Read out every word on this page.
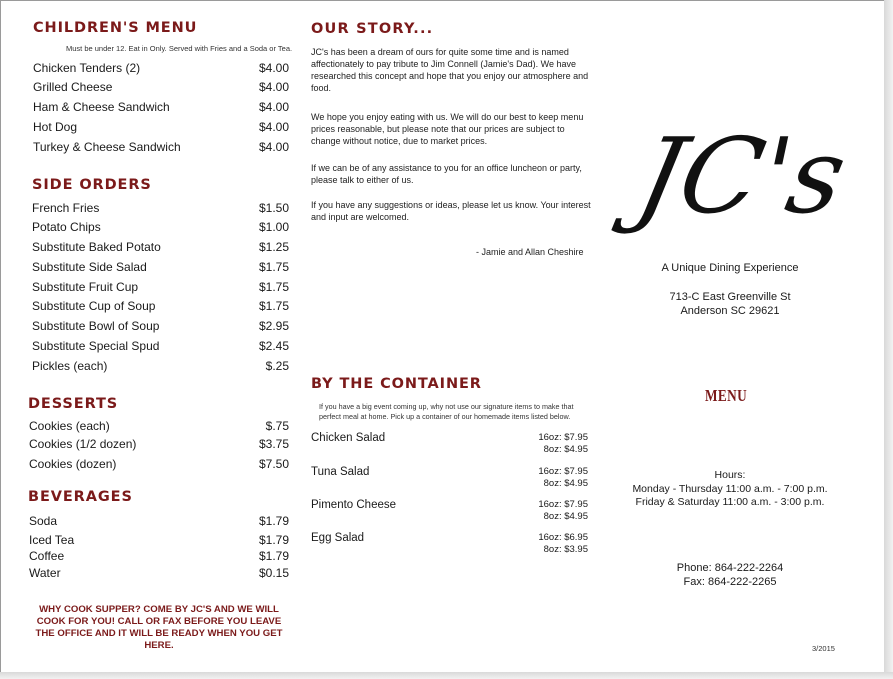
CHILDREN'S MENU

Must be under 12. Eat in Only. Served with Fries and a Soda or Tea.

Chicken Tenders (2)	$4.00
Grilled Cheese	$4.00
Ham & Cheese Sandwich	$4.00
Hot Dog	$4.00
Turkey & Cheese Sandwich	$4.00
SIDE ORDERS
French Fries	$1.50
Potato Chips	$1.00
Substitute Baked Potato	$1.25
Substitute Side Salad	$1.75
Substitute Fruit Cup	$1.75
Substitute Cup of Soup	$1.75
Substitute Bowl of Soup	$2.95
Substitute Special Spud	$2.45
Pickles (each)	$.25
DESSERTS
Cookies (each)	$.75
Cookies (1/2 dozen)	$3.75
Cookies (dozen)	$7.50
BEVERAGES
Soda	$1.79
Iced Tea	$1.79
Coffee	$1.79
Water	$0.15

WHY COOK SUPPER? COME BY JC'S AND WE WILL COOK FOR YOU! CALL OR FAX BEFORE YOU LEAVE THE OFFICE AND IT WILL BE READY WHEN YOU GET HERE.

OUR STORY...

JC's has been a dream of ours for quite some time and is named affectionately to pay tribute to Jim Connell (Jamie's Dad). We have researched this concept and hope that you enjoy our atmosphere and food.

We hope you enjoy eating with us. We will do our best to keep menu prices reasonable, but please note that our prices are subject to change without notice, due to market prices.

If we can be of any assistance to you for an office luncheon or party, please talk to either of us.

If you have any suggestions or ideas, please let us know. Your interest and input are welcomed.

- Jamie and Allan Cheshire
BY THE CONTAINER

If you have a big event coming up, why not use our signature items to make that perfect meal at home. Pick up a container of our homemade items listed below.

Chicken Salad	16oz: $7.95
8oz: $4.95
Tuna Salad	16oz: $7.95
8oz: $4.95
Pimento Cheese	16oz: $7.95
8oz: $4.95
Egg Salad	16oz: $6.95
8oz: $3.95
JC's

A Unique Dining Experience

713-C East Greenville St

Anderson SC 29621

MENU

Hours:

Monday - Thursday 11:00 a.m. - 7:00 p.m.

Friday & Saturday 11:00 a.m. - 3:00 p.m.

Phone: 864-222-2264

Fax: 864-222-2265

3/2015
